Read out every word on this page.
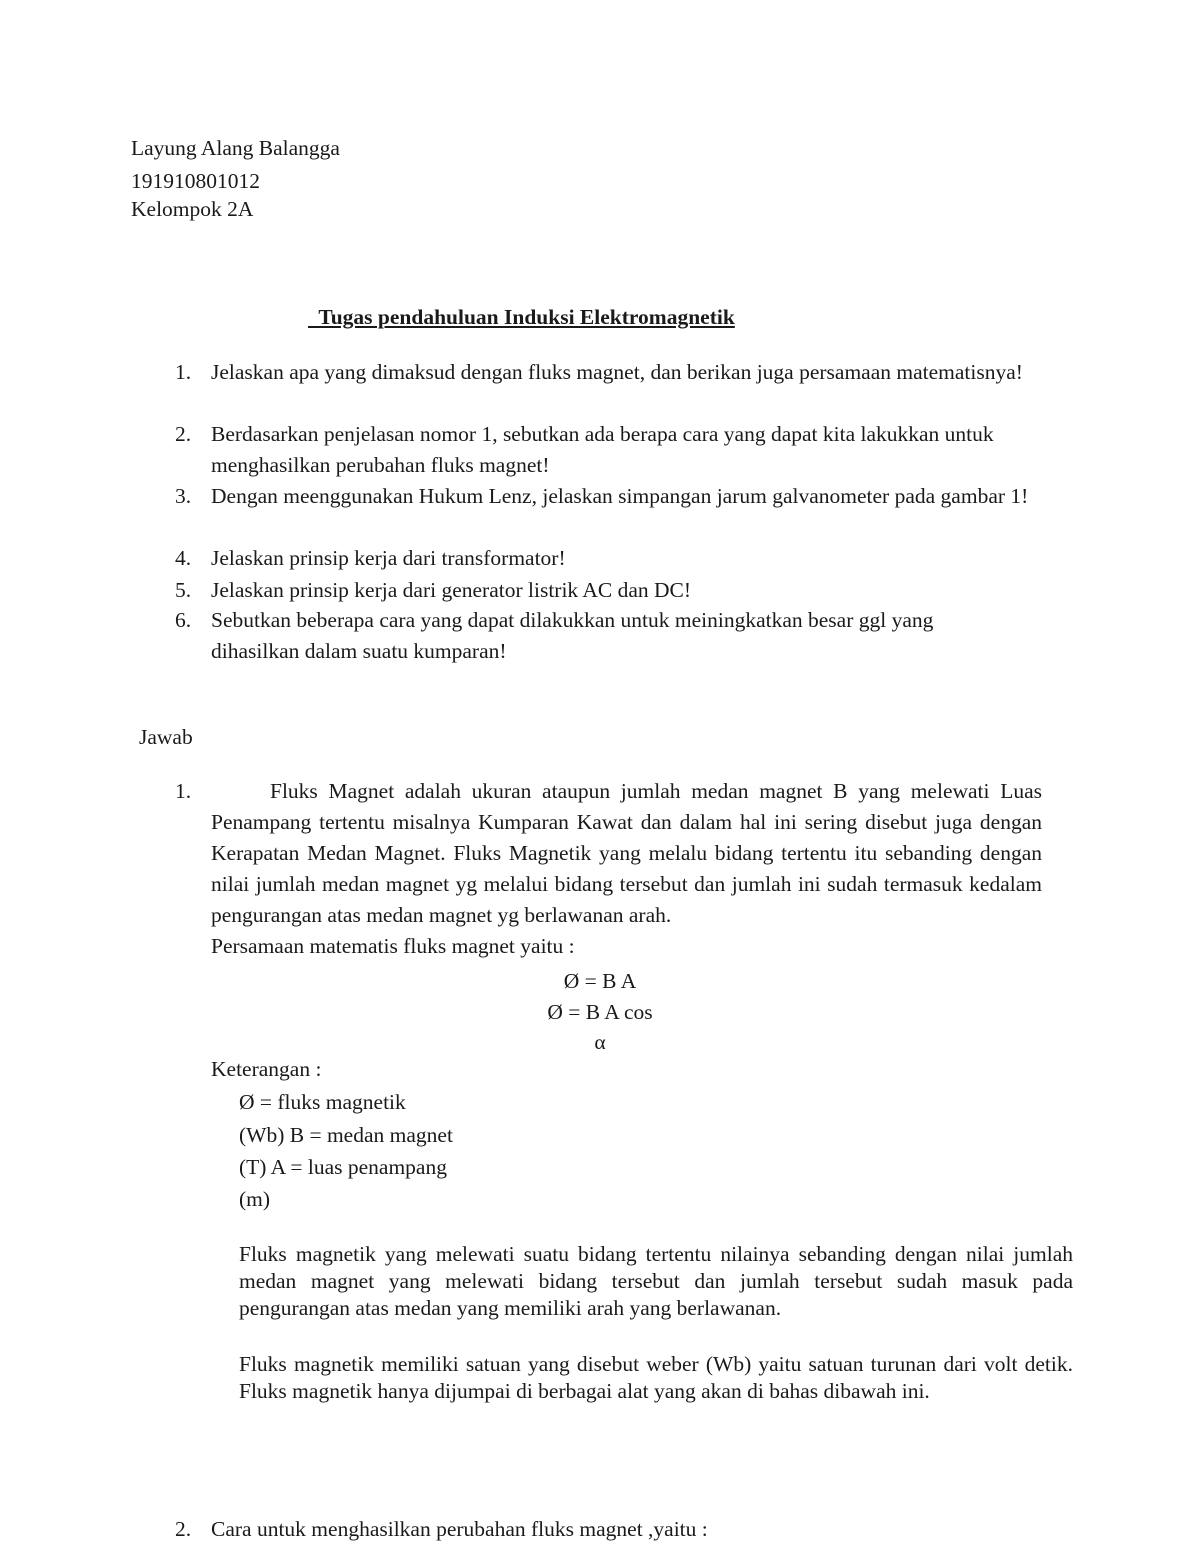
Layung Alang Balangga
191910801012
Kelompok 2A
Tugas pendahuluan Induksi Elektromagnetik
1. Jelaskan apa yang dimaksud dengan fluks magnet, dan berikan juga persamaan matematisnya!
2. Berdasarkan penjelasan nomor 1, sebutkan ada berapa cara yang dapat kita lakukkan untuk menghasilkan perubahan fluks magnet!
3. Dengan meenggunakan Hukum Lenz, jelaskan simpangan jarum galvanometer pada gambar 1!
4. Jelaskan prinsip kerja dari transformator!
5. Jelaskan prinsip kerja dari generator listrik AC dan DC!
6. Sebutkan beberapa cara yang dapat dilakukkan untuk meiningkatkan besar ggl yang dihasilkan dalam suatu kumparan!
Jawab
1.	Fluks Magnet adalah ukuran ataupun jumlah medan magnet B yang melewati Luas Penampang tertentu misalnya Kumparan Kawat dan dalam hal ini sering disebut juga dengan Kerapatan Medan Magnet. Fluks Magnetik yang melalu bidang tertentu itu sebanding dengan nilai jumlah medan magnet yg melalui bidang tersebut dan jumlah ini sudah termasuk kedalam pengurangan atas medan magnet yg berlawanan arah.
Persamaan matematis fluks magnet yaitu :
Ø = B A
Ø = B A cos
α
Keterangan :
Ø = fluks magnetik
(Wb) B = medan magnet
(T) A = luas penampang
(m)
Fluks magnetik yang melewati suatu bidang tertentu nilainya sebanding dengan nilai jumlah medan magnet yang melewati bidang tersebut dan jumlah tersebut sudah masuk pada pengurangan atas medan yang memiliki arah yang berlawanan.
Fluks magnetik memiliki satuan yang disebut weber (Wb) yaitu satuan turunan dari volt detik. Fluks magnetik hanya dijumpai di berbagai alat yang akan di bahas dibawah ini.
2. Cara untuk menghasilkan perubahan fluks magnet ,yaitu :
